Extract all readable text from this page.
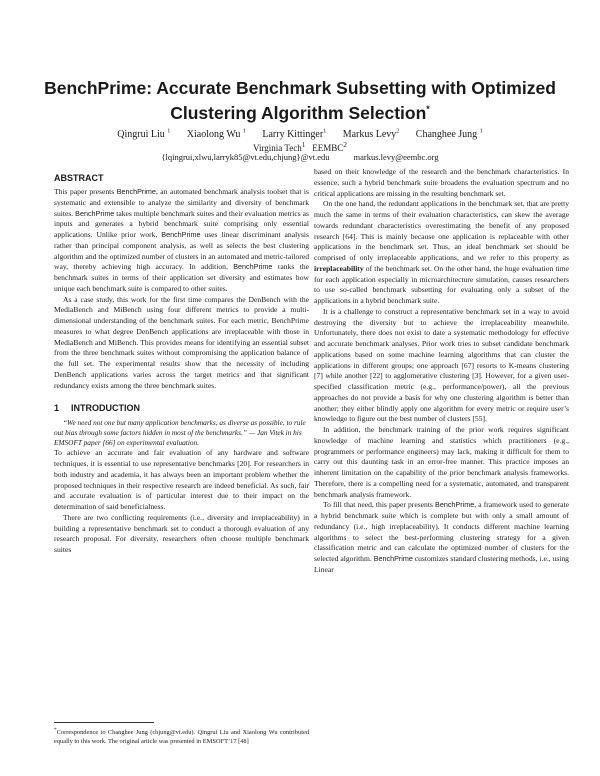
BenchPrime: Accurate Benchmark Subsetting with Optimized
Clustering Algorithm Selection*
Qingrui Liu $^1$ Xiaolong Wu $^1$ Larry Kittinger$^1$ Markus Levy$^2$ Changhee Jung $^1$
Virginia Tech$^1$ EEMBC$^2$
{lqingrui,xlwu,larryk85@vt.edu,chjung}@vt.edu	markus.levy@eembc.org
ABSTRACT

This paper presents BenchPrime, an automated benchmark analysis toolset that is systematic and extensible to analyze the similarity and diversity of benchmark suites. BenchPrime takes multiple benchmark suites and their evaluation metrics as inputs and generates a hybrid benchmark suite comprising only essential applications. Unlike prior work, BenchPrime uses linear discriminant analysis rather than principal component analysis, as well as selects the best clustering algorithm and the optimized number of clusters in an automated and metric-tailored way, thereby achieving high accuracy. In addition, BenchPrime ranks the benchmark suites in terms of their application set diversity and estimates how unique each benchmark suite is compared to other suites.

As a case study, this work for the first time compares the DenBench with the MediaBench and MiBench using four different metrics to provide a multi-dimensional understanding of the benchmark suites. For each metric, BenchPrime measures to what degree DenBench applications are irreplaceable with those in MediaBench and MiBench. This provides means for identifying an essential subset from the three benchmark suites without compromising the application balance of the full set. The experimental results show that the necessity of including DenBench applications varies across the target metrics and that significant redundancy exists among the three benchmark suites.

1 INTRODUCTION

“We need not one but many application benchmarks, as diverse as possible, to rule out bias through some factors hidden in most of the benchmarks.” — Jan Vitek in his EMSOFT paper [66] on experimental evaluation.

To achieve an accurate and fair evaluation of any hardware and software techniques, it is essential to use representative benchmarks [20]. For researchers in both industry and academia, it has always been an important problem whether the proposed techniques in their respective research are indeed beneficial. As such, fair and accurate evaluation is of particular interest due to their impact on the determination of said beneficialness.

There are two conflicting requirements (i.e., diversity and irreplaceability) in building a representative benchmark set to conduct a thorough evaluation of any research proposal. For diversity, researchers often choose multiple benchmark suites

*Correspondence to Changhee Jung (chjung@vt.edu). Qingrui Liu and Xiaolong Wu contributed equally to this work. The original article was presented in EMSOFT’17 [48]

based on their knowledge of the research and the benchmark characteristics. In essence, such a hybrid benchmark suite broadens the evaluation spectrum and no critical applications are missing in the resulting benchmark set.

On the one hand, the redundant applications in the benchmark set, that are pretty much the same in terms of their evaluation characteristics, can skew the average towards redundant characteristics overestimating the benefit of any proposed research [64]. This is mainly because one application is replaceable with other applications in the benchmark set. Thus, an ideal benchmark set should be comprised of only irreplaceable applications, and we refer to this property as irreplaceability of the benchmark set. On the other hand, the huge evaluation time for each application especially in microarchitecture simulation, causes researchers to use so-called benchmark subsetting for evaluating only a subset of the applications in a hybrid benchmark suite.

It is a challenge to construct a representative benchmark set in a way to avoid destroying the diversity but to achieve the irreplaceability meanwhile. Unfortunately, there does not exist to date a systematic methodology for effective and accurate benchmark analyses. Prior work tries to subset candidate benchmark applications based on some machine learning algorithms that can cluster the applications in different groups; one approach [67] resorts to K-means clustering [7] while another [22] to agglomerative clustering [3]. However, for a given user-specified classification metric (e.g., performance/power), all the previous approaches do not provide a basis for why one clustering algorithm is better than another; they either blindly apply one algorithm for every metric or require user’s knowledge to figure out the best number of clusters [55].

In addition, the benchmark training of the prior work requires significant knowledge of machine learning and statistics which practitioners (e.g., programmers or performance engineers) may lack, making it difficult for them to carry out this daunting task in an error-free manner. This practice imposes an inherent limitation on the capability of the prior benchmark analysis frameworks. Therefore, there is a compelling need for a systematic, automated, and transparent benchmark analysis framework.

To fill that need, this paper presents BenchPrime, a framework used to generate a hybrid benchmark suite which is complete but with only a small amount of redundancy (i.e., high irreplaceability). It conducts different machine learning algorithms to select the best-performing clustering strategy for a given classification metric and can calculate the optimized number of clusters for the selected algorithm. BenchPrime customizes standard clustering methods, i.e., using Linear
